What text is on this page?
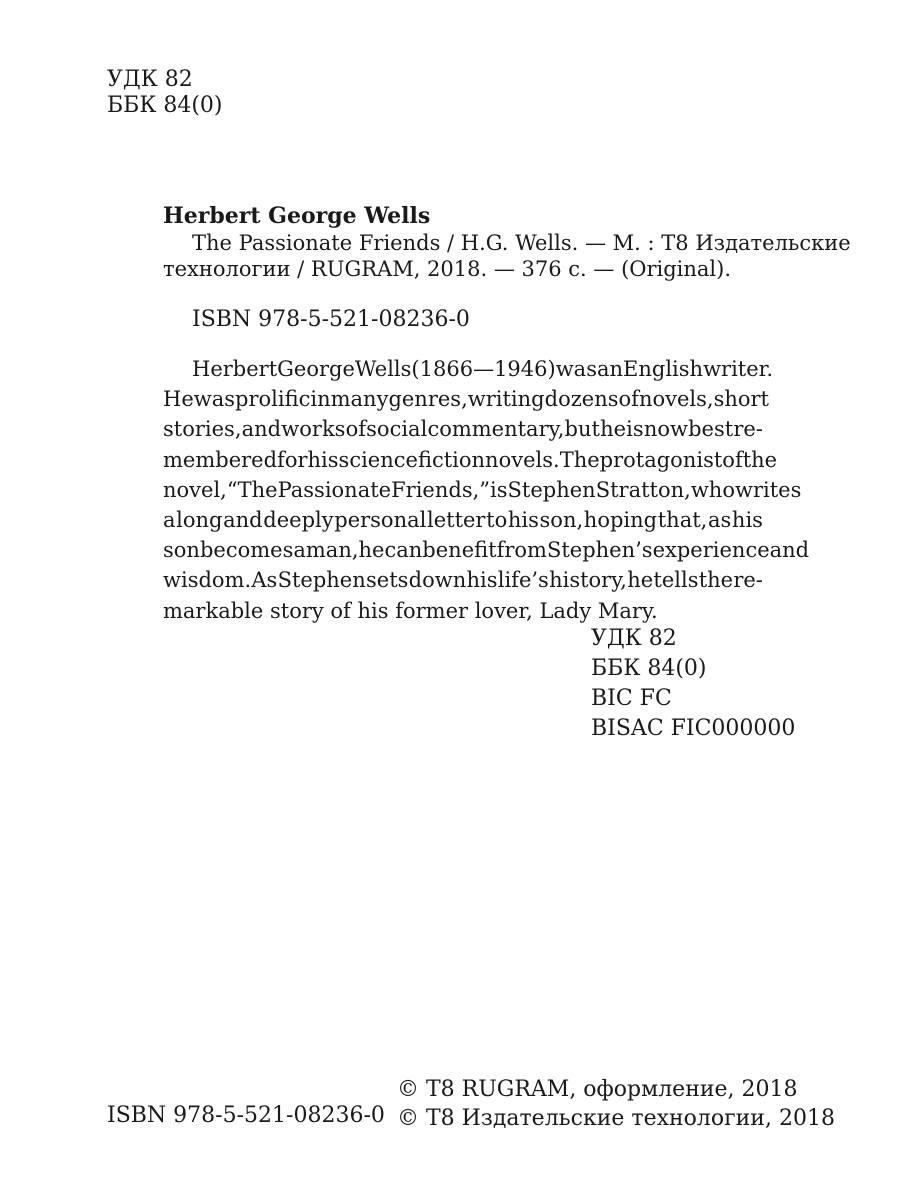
УДК 82
ББК 84(0)
Herbert George Wells
The Passionate Friends / H.G. Wells. — M. : T8 Издательские
технологии / RUGRAM, 2018. — 376 с. — (Original).
ISBN 978-5-521-08236-0
Herbert George Wells (1866 — 1946) was an English writer.
He was prolific in many genres, writing dozens of novels, short
stories, and works of social commentary, but he is now best re-
membered for his science fiction novels. The protagonist of the
novel, “The Passionate Friends,” is Stephen Stratton, who writes
a long and deeply personal letter to his son, hoping that, as his
son becomes a man, he can benefit from Stephen’s experience and
wisdom. As Stephen sets down his life’s history, he tells the re-
markable story of his former lover, Lady Mary.
УДК 82
ББК 84(0)
BIC FC
BISAC FIC000000
ISBN 978-5-521-08236-0
© T8 RUGRAM, оформление, 2018
© T8 Издательские технологии, 2018
